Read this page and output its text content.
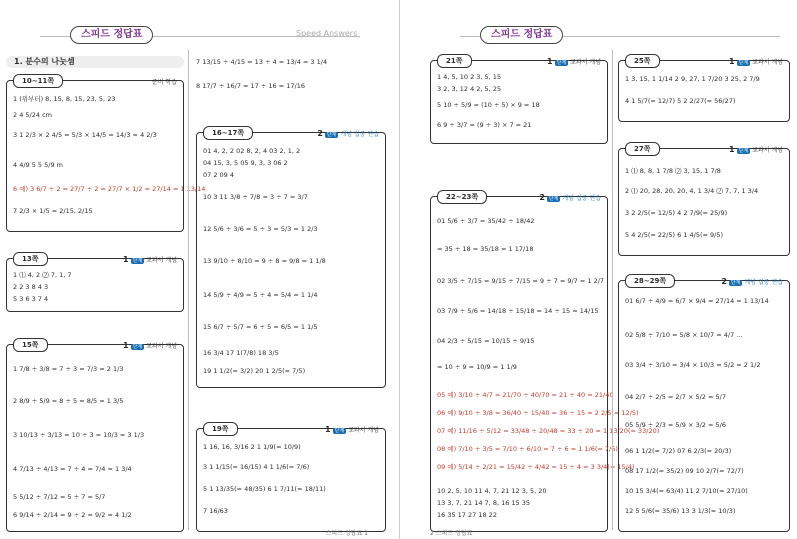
스피드 정답표	Speed Answers
1. 분수의 나눗셈
10~11쪽	준비 학습
1 (위부터) 8, 15, 8, 15, 23, 5, 23
2 4 5/24 cm
3 1 2/3 × 2 4/5 = 5/3 × 14/5 = 14/3 = 4 2/3
4 4/9 5 5 5/9 m
6 예) 3 6/7 ÷ 2 = 27/7 ÷ 2 = 27/7 × 1/2 = 27/14 = 1 13/14
7 2/3 × 1/5 = 2/15, 2/15
13쪽	1 단계 교과서 개념
1 ⑴ 4, 2 ⑵ 7, 1, 7
2 2 3 8 4 3
5 3 6 3 7 4
15쪽	1 단계 교과서 개념
1 7/8 ÷ 3/8 = 7 ÷ 3 = 7/3 = 2 1/3
2 8/9 ÷ 5/9 = 8 ÷ 5 = 8/5 = 1 3/5
3 10/13 ÷ 3/13 = 10 ÷ 3 = 10/3 = 3 1/3
4 7/13 ÷ 4/13 = 7 ÷ 4 = 7/4 = 1 3/4
5 5/12 ÷ 7/12 = 5 ÷ 7 = 5/7
6 9/14 ÷ 2/14 = 9 ÷ 2 = 9/2 = 4 1/2
7 13/15 ÷ 4/15 = 13 ÷ 4 = 13/4 = 3 1/4
8 17/7 ÷ 16/7 = 17 ÷ 16 = 17/16
16~17쪽	2 단계 개념 집중 연습
01 4, 2, 2 02 8, 2, 4 03 2, 1, 2
04 15, 3, 5 05 9, 3, 3 06 2
07 2 09 4
10 3 11 3/8 ÷ 7/8 = 3 ÷ 7 = 3/7
12 5/6 ÷ 3/6 = 5 ÷ 3 = 5/3 = 1 2/3
13 9/10 ÷ 8/10 = 9 ÷ 8 = 9/8 = 1 1/8
14 5/9 ÷ 4/9 = 5 ÷ 4 = 5/4 = 1 1/4
15 6/7 ÷ 5/7 = 6 ÷ 5 = 6/5 = 1 1/5
16 3/4 17 1(7/8) 18 3/5
19 1 1/2(= 3/2) 20 1 2/5(= 7/5)
19쪽	1 단계 교과서 개념
1 16, 16, 3/16 2 1 1/9(= 10/9)
3 1 1/15(= 16/15) 4 1 1/6(= 7/6)
5 1 13/35(= 48/35) 6 1 7/11(= 18/11)
7 16/63
스피드 정답표 1
스피드 정답표
21쪽	1 단계 교과서 개념
1 4, 5, 10 2 3, 5, 15
3 2, 3, 12 4 2, 5, 25
5 10 ÷ 5/9 = (10 ÷ 5) × 9 = 18
6 9 ÷ 3/7 = (9 ÷ 3) × 7 = 21
22~23쪽	2 단계 개념 집중 연습
01 5/6 ÷ 3/7 = 35/42 ÷ 18/42
= 35 ÷ 18 = 35/18 = 1 17/18
02 3/5 ÷ 7/15 = 9/15 ÷ 7/15 = 9 ÷ 7 = 9/7 = 1 2/7
03 7/9 ÷ 5/6 = 14/18 ÷ 15/18 = 14 ÷ 15 = 14/15
04 2/3 ÷ 5/15 = 10/15 ÷ 9/15
= 10 ÷ 9 = 10/9 = 1 1/9
05 예) 3/10 ÷ 4/7 = 21/70 ÷ 40/70 = 21 ÷ 40 = 21/40
06 예) 9/10 ÷ 3/8 = 36/40 ÷ 15/40 = 36 ÷ 15 = 2 2/5(= 12/5)
07 예) 11/16 ÷ 5/12 = 33/48 ÷ 20/48 = 33 ÷ 20 = 1 13/20(= 33/20)
08 예) 7/10 ÷ 3/5 = 7/10 ÷ 6/10 = 7 ÷ 6 = 1 1/6(= 7/6)
09 예) 5/14 ÷ 2/21 = 15/42 ÷ 4/42 = 15 ÷ 4 = 3 3/4(= 15/4)
10 2, 5, 10 11 4, 7, 21 12 3, 5, 20
13 3, 7, 21 14 7, 8, 16 15 35
16 35 17 27 18 22
25쪽	1 단계 교과서 개념
1 3, 15, 1 1/14 2 9, 27, 1 7/20 3 25, 2 7/9
4 1 5/7(= 12/7) 5 2 2/27(= 56/27)
27쪽	1 단계 교과서 개념
1 ⑴ 8, 8, 1 7/8 ⑵ 3, 15, 1 7/8
2 ⑴ 20, 28, 20, 20, 4, 1 3/4 ⑵ 7, 7, 1 3/4
3 2 2/5(= 12/5) 4 2 7/9(= 25/9)
5 4 2/5(= 22/5) 6 1 4/5(= 9/5)
28~29쪽	2 단계 개념 집중 연습
01 6/7 ÷ 4/9 = 6/7 × 9/4 = 27/14 = 1 13/14
02 5/8 ÷ 7/10 = 5/8 × 10/7 = 4/7 ...
03 3/4 ÷ 3/10 = 3/4 × 10/3 = 5/2 = 2 1/2
04 2/7 ÷ 2/5 = 2/7 × 5/2 = 5/7
05 5/9 ÷ 2/3 = 5/9 × 3/2 = 5/6
06 1 1/2(= 7/2) 07 6 2/3(= 20/3)
08 17 1/2(= 35/2) 09 10 2/7(= 72/7)
10 15 3/4(= 63/4) 11 2 7/10(= 27/10)
12 5 5/6(= 35/6) 13 3 1/3(= 10/3)
2 스피드 정답표
